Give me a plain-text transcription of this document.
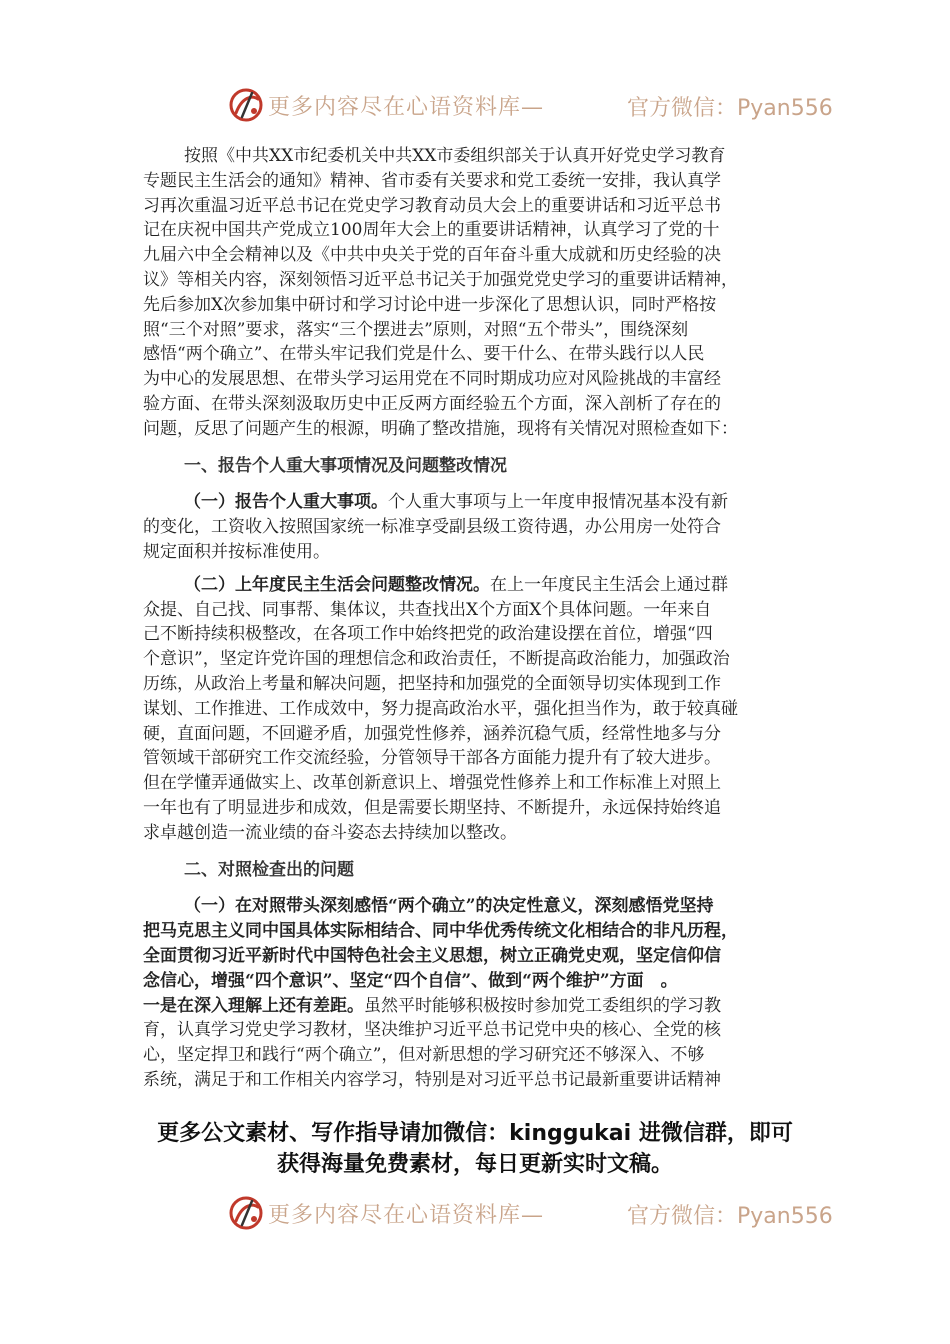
更多内容尽在心语资料库—	官方微信：Pyan556
按照《中共XX市纪委机关中共XX市委组织部关于认真开好党史学习教育
专题民主生活会的通知》精神、省市委有关要求和党工委统一安排，我认真学
习再次重温习近平总书记在党史学习教育动员大会上的重要讲话和习近平总书
记在庆祝中国共产党成立100周年大会上的重要讲话精神，认真学习了党的十
九届六中全会精神以及《中共中央关于党的百年奋斗重大成就和历史经验的决
议》等相关内容，深刻领悟习近平总书记关于加强党党史学习的重要讲话精神，
先后参加X次参加集中研讨和学习讨论中进一步深化了思想认识，同时严格按
照“三个对照”要求，落实“三个摆进去”原则，对照“五个带头”，围绕深刻
感悟“两个确立”、在带头牢记我们党是什么、要干什么、在带头践行以人民
为中心的发展思想、在带头学习运用党在不同时期成功应对风险挑战的丰富经
验方面、在带头深刻汲取历史中正反两方面经验五个方面，深入剖析了存在的
问题，反思了问题产生的根源，明确了整改措施，现将有关情况对照检查如下：
一、报告个人重大事项情况及问题整改情况
（一）报告个人重大事项。个人重大事项与上一年度申报情况基本没有新
的变化，工资收入按照国家统一标准享受副县级工资待遇，办公用房一处符合
规定面积并按标准使用。
（二）上年度民主生活会问题整改情况。在上一年度民主生活会上通过群
众提、自己找、同事帮、集体议，共查找出X个方面X个具体问题。一年来自
己不断持续积极整改，在各项工作中始终把党的政治建设摆在首位，增强“四
个意识”，坚定许党许国的理想信念和政治责任，不断提高政治能力，加强政治
历练，从政治上考量和解决问题，把坚持和加强党的全面领导切实体现到工作
谋划、工作推进、工作成效中，努力提高政治水平，强化担当作为，敢于较真碰
硬，直面问题，不回避矛盾，加强党性修养，涵养沉稳气质，经常性地多与分
管领域干部研究工作交流经验，分管领导干部各方面能力提升有了较大进步。
但在学懂弄通做实上、改革创新意识上、增强党性修养上和工作标准上对照上
一年也有了明显进步和成效，但是需要长期坚持、不断提升，永远保持始终追
求卓越创造一流业绩的奋斗姿态去持续加以整改。
二、对照检查出的问题
（一）在对照带头深刻感悟“两个确立”的决定性意义，深刻感悟党坚持
把马克思主义同中国具体实际相结合、同中华优秀传统文化相结合的非凡历程，
全面贯彻习近平新时代中国特色社会主义思想，树立正确党史观，坚定信仰信
念信心，增强“四个意识”、坚定“四个自信”、做到“两个维护”方面　。
一是在深入理解上还有差距。虽然平时能够积极按时参加党工委组织的学习教
育，认真学习党史学习教材，坚决维护习近平总书记党中央的核心、全党的核
心，坚定捍卫和践行“两个确立”，但对新思想的学习研究还不够深入、不够
系统，满足于和工作相关内容学习，特别是对习近平总书记最新重要讲话精神
更多公文素材、写作指导请加微信：kinggukai 进微信群，即可
获得海量免费素材，每日更新实时文稿。
更多内容尽在心语资料库—	官方微信：Pyan556
